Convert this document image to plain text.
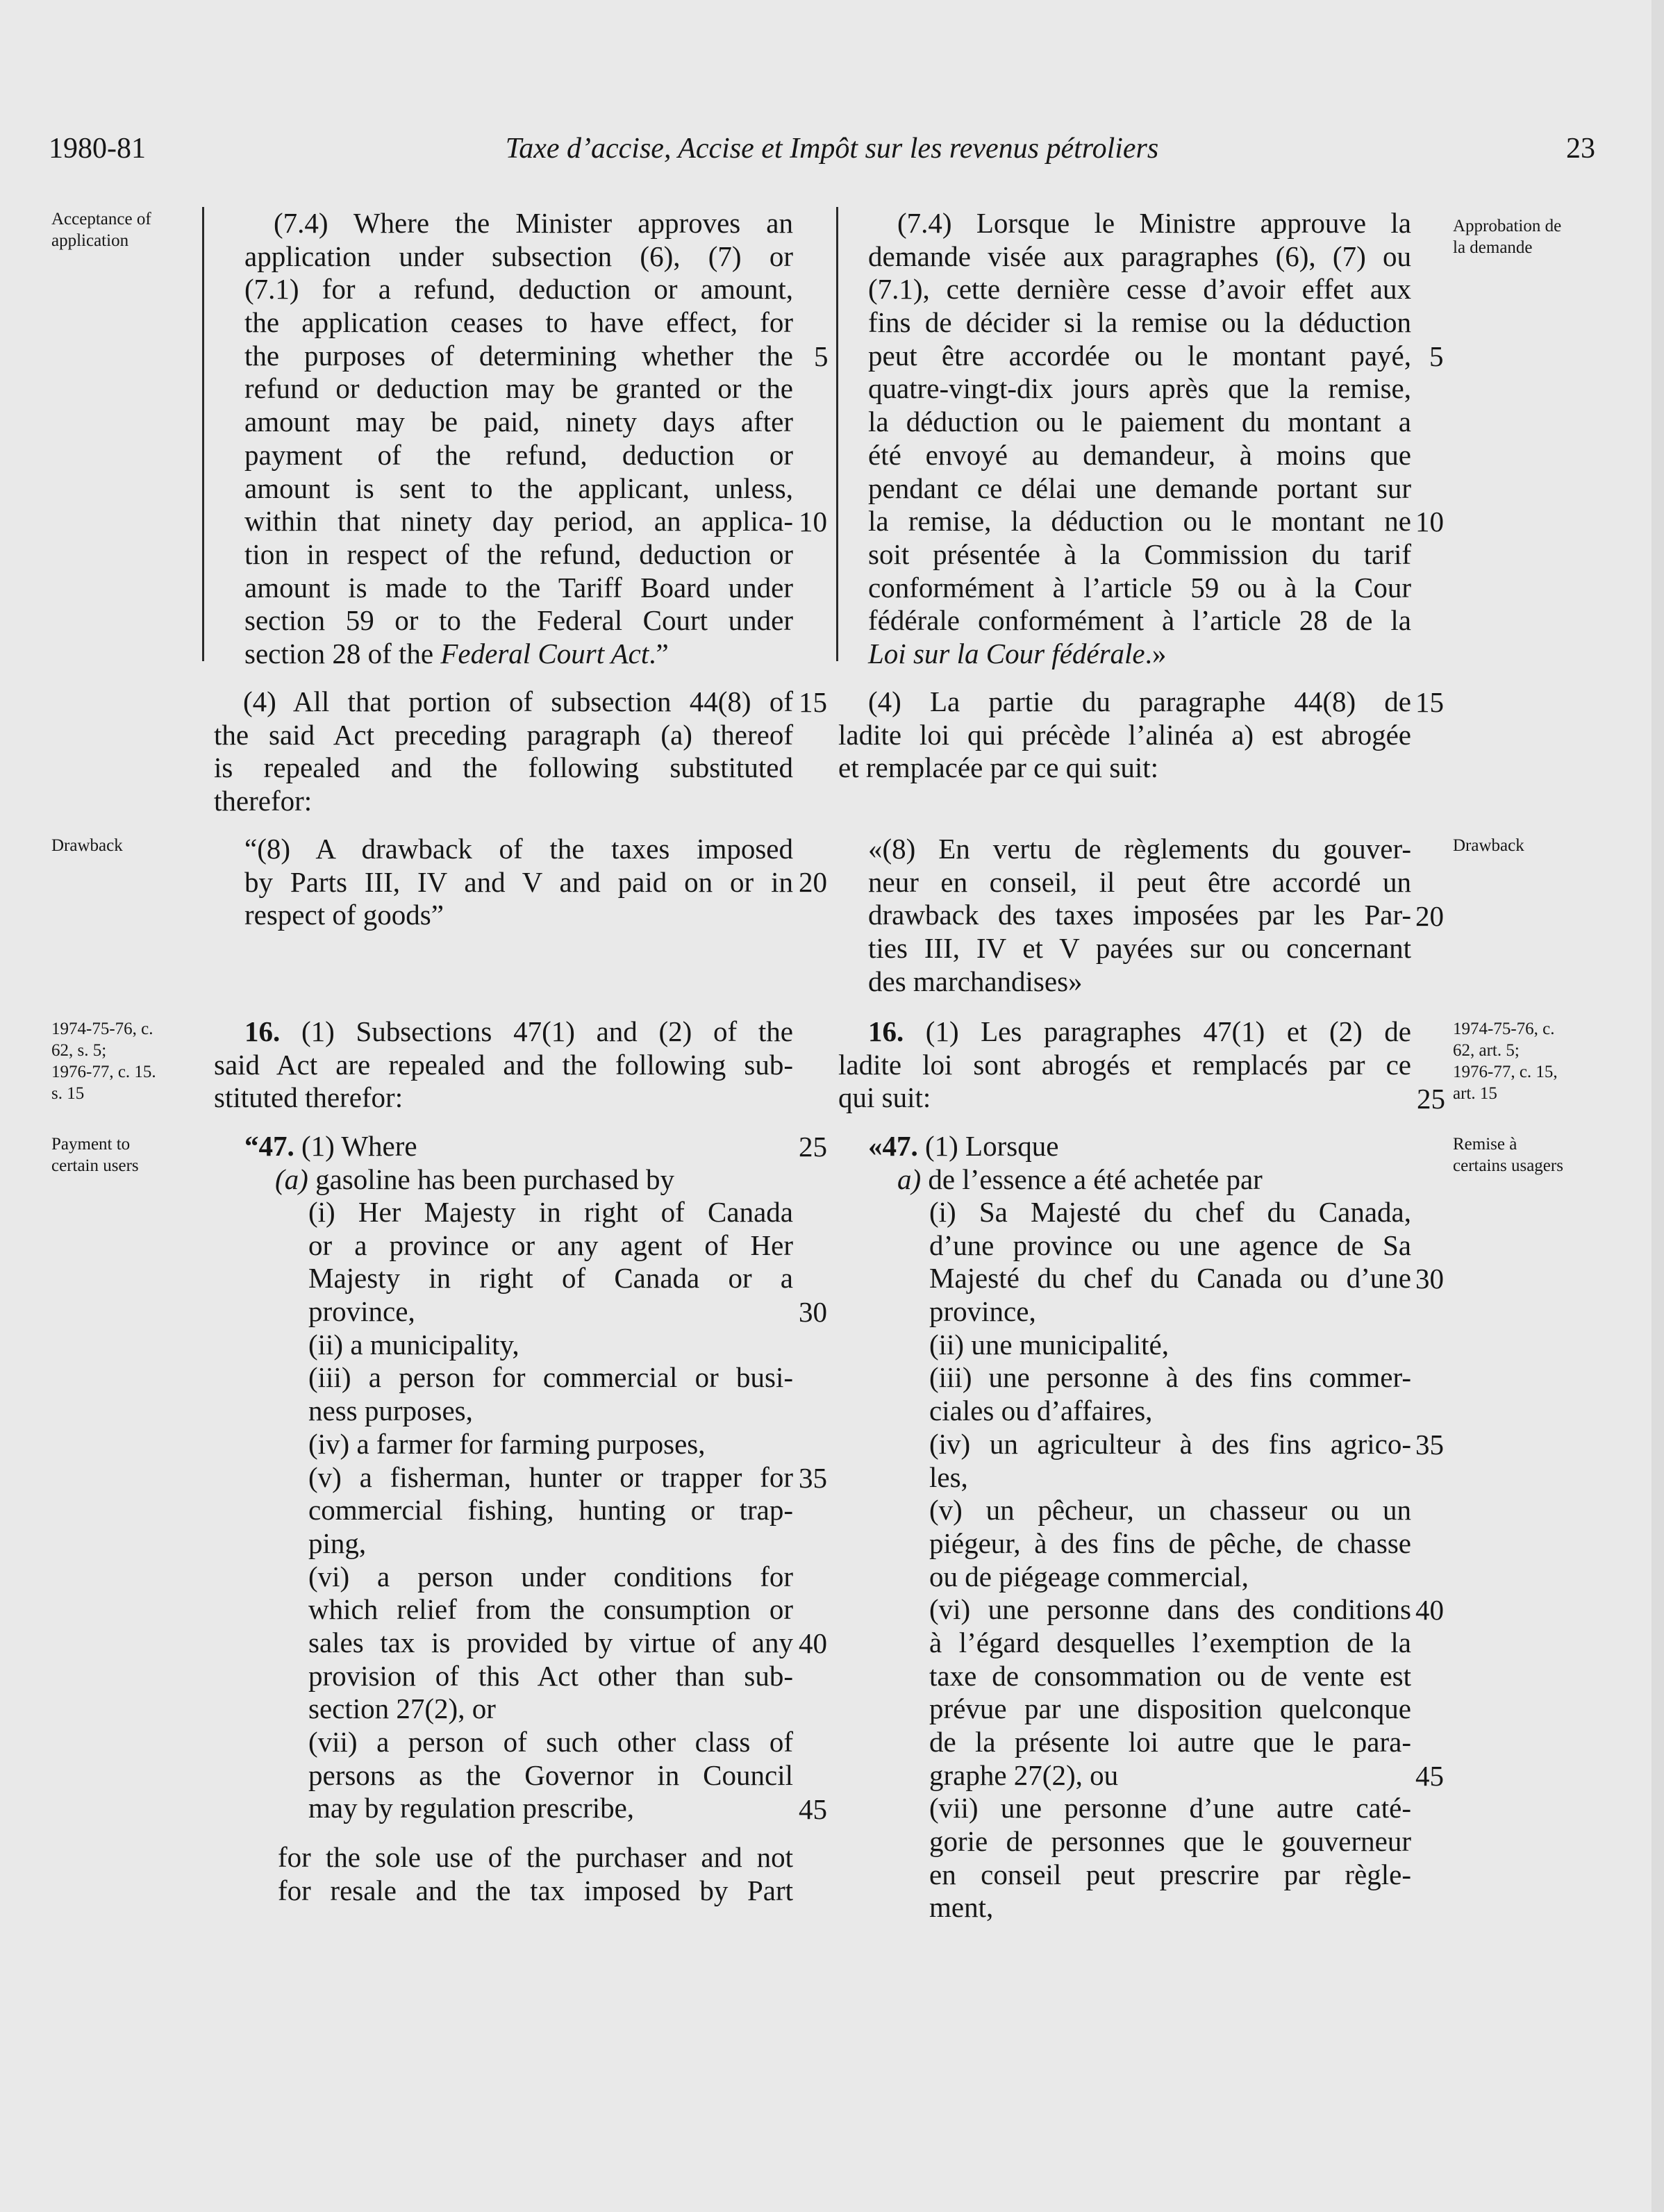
1980-81	Taxe d’accise, Accise et Impôt sur les revenus pétroliers	23
Acceptance of
application
Drawback
1974-75-76, c.
62, s. 5;
1976-77, c. 15.
s. 15
Payment to
certain users
Approbation de
la demande
Drawback
1974-75-76, c.
62, art. 5;
1976-77, c. 15,
art. 15
Remise à
certains usagers
(7.4) Where the Minister approves an
application under subsection (6), (7) or
(7.1) for a refund, deduction or amount,
the application ceases to have effect, for
the purposes of determining whether the
refund or deduction may be granted or the
amount may be paid, ninety days after
payment of the refund, deduction or
amount is sent to the applicant, unless,
within that ninety day period, an applica-
tion in respect of the refund, deduction or
amount is made to the Tariff Board under
section 59 or to the Federal Court under
section 28 of the Federal Court Act.”
(4) All that portion of subsection 44(8) of
the said Act preceding paragraph (a) thereof
is repealed and the following substituted
therefor:
“(8) A drawback of the taxes imposed
by Parts III, IV and V and paid on or in
respect of goods”
16. (1) Subsections 47(1) and (2) of the
said Act are repealed and the following sub-
stituted therefor:
“47. (1) Where
(a) gasoline has been purchased by
(i) Her Majesty in right of Canada
or a province or any agent of Her
Majesty in right of Canada or a
province,
(ii) a municipality,
(iii) a person for commercial or busi-
ness purposes,
(iv) a farmer for farming purposes,
(v) a fisherman, hunter or trapper for
commercial fishing, hunting or trap-
ping,
(vi) a person under conditions for
which relief from the consumption or
sales tax is provided by virtue of any
provision of this Act other than sub-
section 27(2), or
(vii) a person of such other class of
persons as the Governor in Council
may by regulation prescribe,
for the sole use of the purchaser and not
for resale and the tax imposed by Part
5
10
15
20
25
30
35
40
45
(7.4) Lorsque le Ministre approuve la
demande visée aux paragraphes (6), (7) ou
(7.1), cette dernière cesse d’avoir effet aux
fins de décider si la remise ou la déduction
peut être accordée ou le montant payé,
quatre-vingt-dix jours après que la remise,
la déduction ou le paiement du montant a
été envoyé au demandeur, à moins que
pendant ce délai une demande portant sur
la remise, la déduction ou le montant ne
soit présentée à la Commission du tarif
conformément à l’article 59 ou à la Cour
fédérale conformément à l’article 28 de la
Loi sur la Cour fédérale.»
(4) La partie du paragraphe 44(8) de
ladite loi qui précède l’alinéa a) est abrogée
et remplacée par ce qui suit:
«(8) En vertu de règlements du gouver-
neur en conseil, il peut être accordé un
drawback des taxes imposées par les Par-
ties III, IV et V payées sur ou concernant
des marchandises»
16. (1) Les paragraphes 47(1) et (2) de
ladite loi sont abrogés et remplacés par ce
qui suit:
«47. (1) Lorsque
a) de l’essence a été achetée par
(i) Sa Majesté du chef du Canada,
d’une province ou une agence de Sa
Majesté du chef du Canada ou d’une
province,
(ii) une municipalité,
(iii) une personne à des fins commer-
ciales ou d’affaires,
(iv) un agriculteur à des fins agrico-
les,
(v) un pêcheur, un chasseur ou un
piégeur, à des fins de pêche, de chasse
ou de piégeage commercial,
(vi) une personne dans des conditions
à l’égard desquelles l’exemption de la
taxe de consommation ou de vente est
prévue par une disposition quelconque
de la présente loi autre que le para-
graphe 27(2), ou
(vii) une personne d’une autre caté-
gorie de personnes que le gouverneur
en conseil peut prescrire par règle-
ment,
5
10
15
20
25
30
35
40
45
